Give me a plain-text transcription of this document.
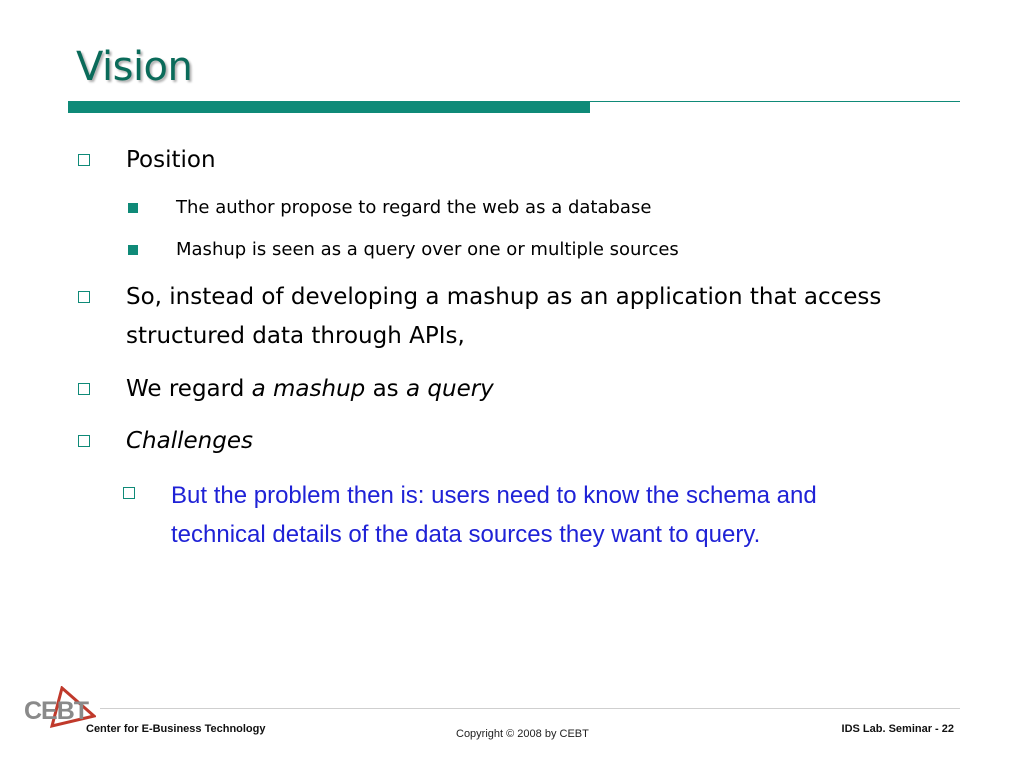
Vision
Position
The author propose to regard the web as a database
Mashup is seen as a query over one or multiple sources
So, instead of developing a mashup as an application that access
structured data through APIs,
We regard a mashup as a query
Challenges
But the problem then is: users need to know the schema and
technical details of the data sources they want to query.
CEBT
Center for E-Business Technology	Copyright © 2008 by CEBT	IDS Lab. Seminar - 22
